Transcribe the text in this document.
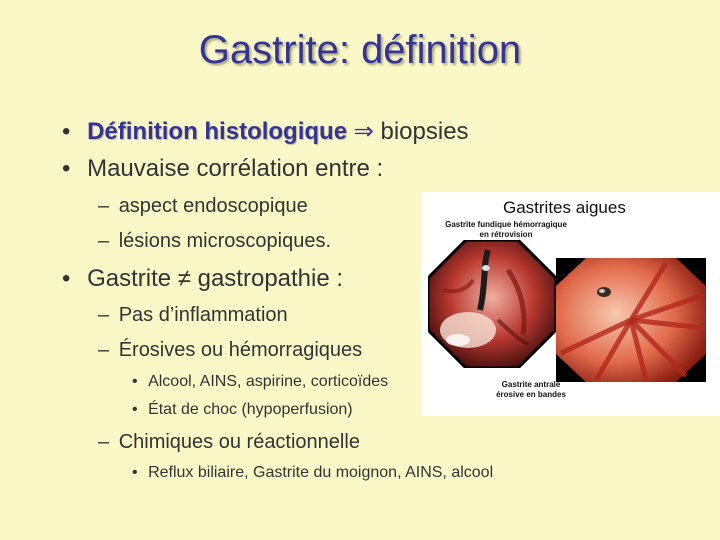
Gastrite: définition
• Définition histologique ⇒ biopsies
• Mauvaise corrélation entre :
– aspect endoscopique
– lésions microscopiques.
• Gastrite ≠ gastropathie :
– Pas d’inflammation
– Érosives ou hémorragiques
• Alcool, AINS, aspirine, corticoïdes
• État de choc (hypoperfusion)
– Chimiques ou réactionnelle
• Reflux biliaire, Gastrite du moignon, AINS, alcool
Gastrites aigues
Gastrite fundique hémorragique
en rétrovision
Gastrite antrale
érosive en bandes
